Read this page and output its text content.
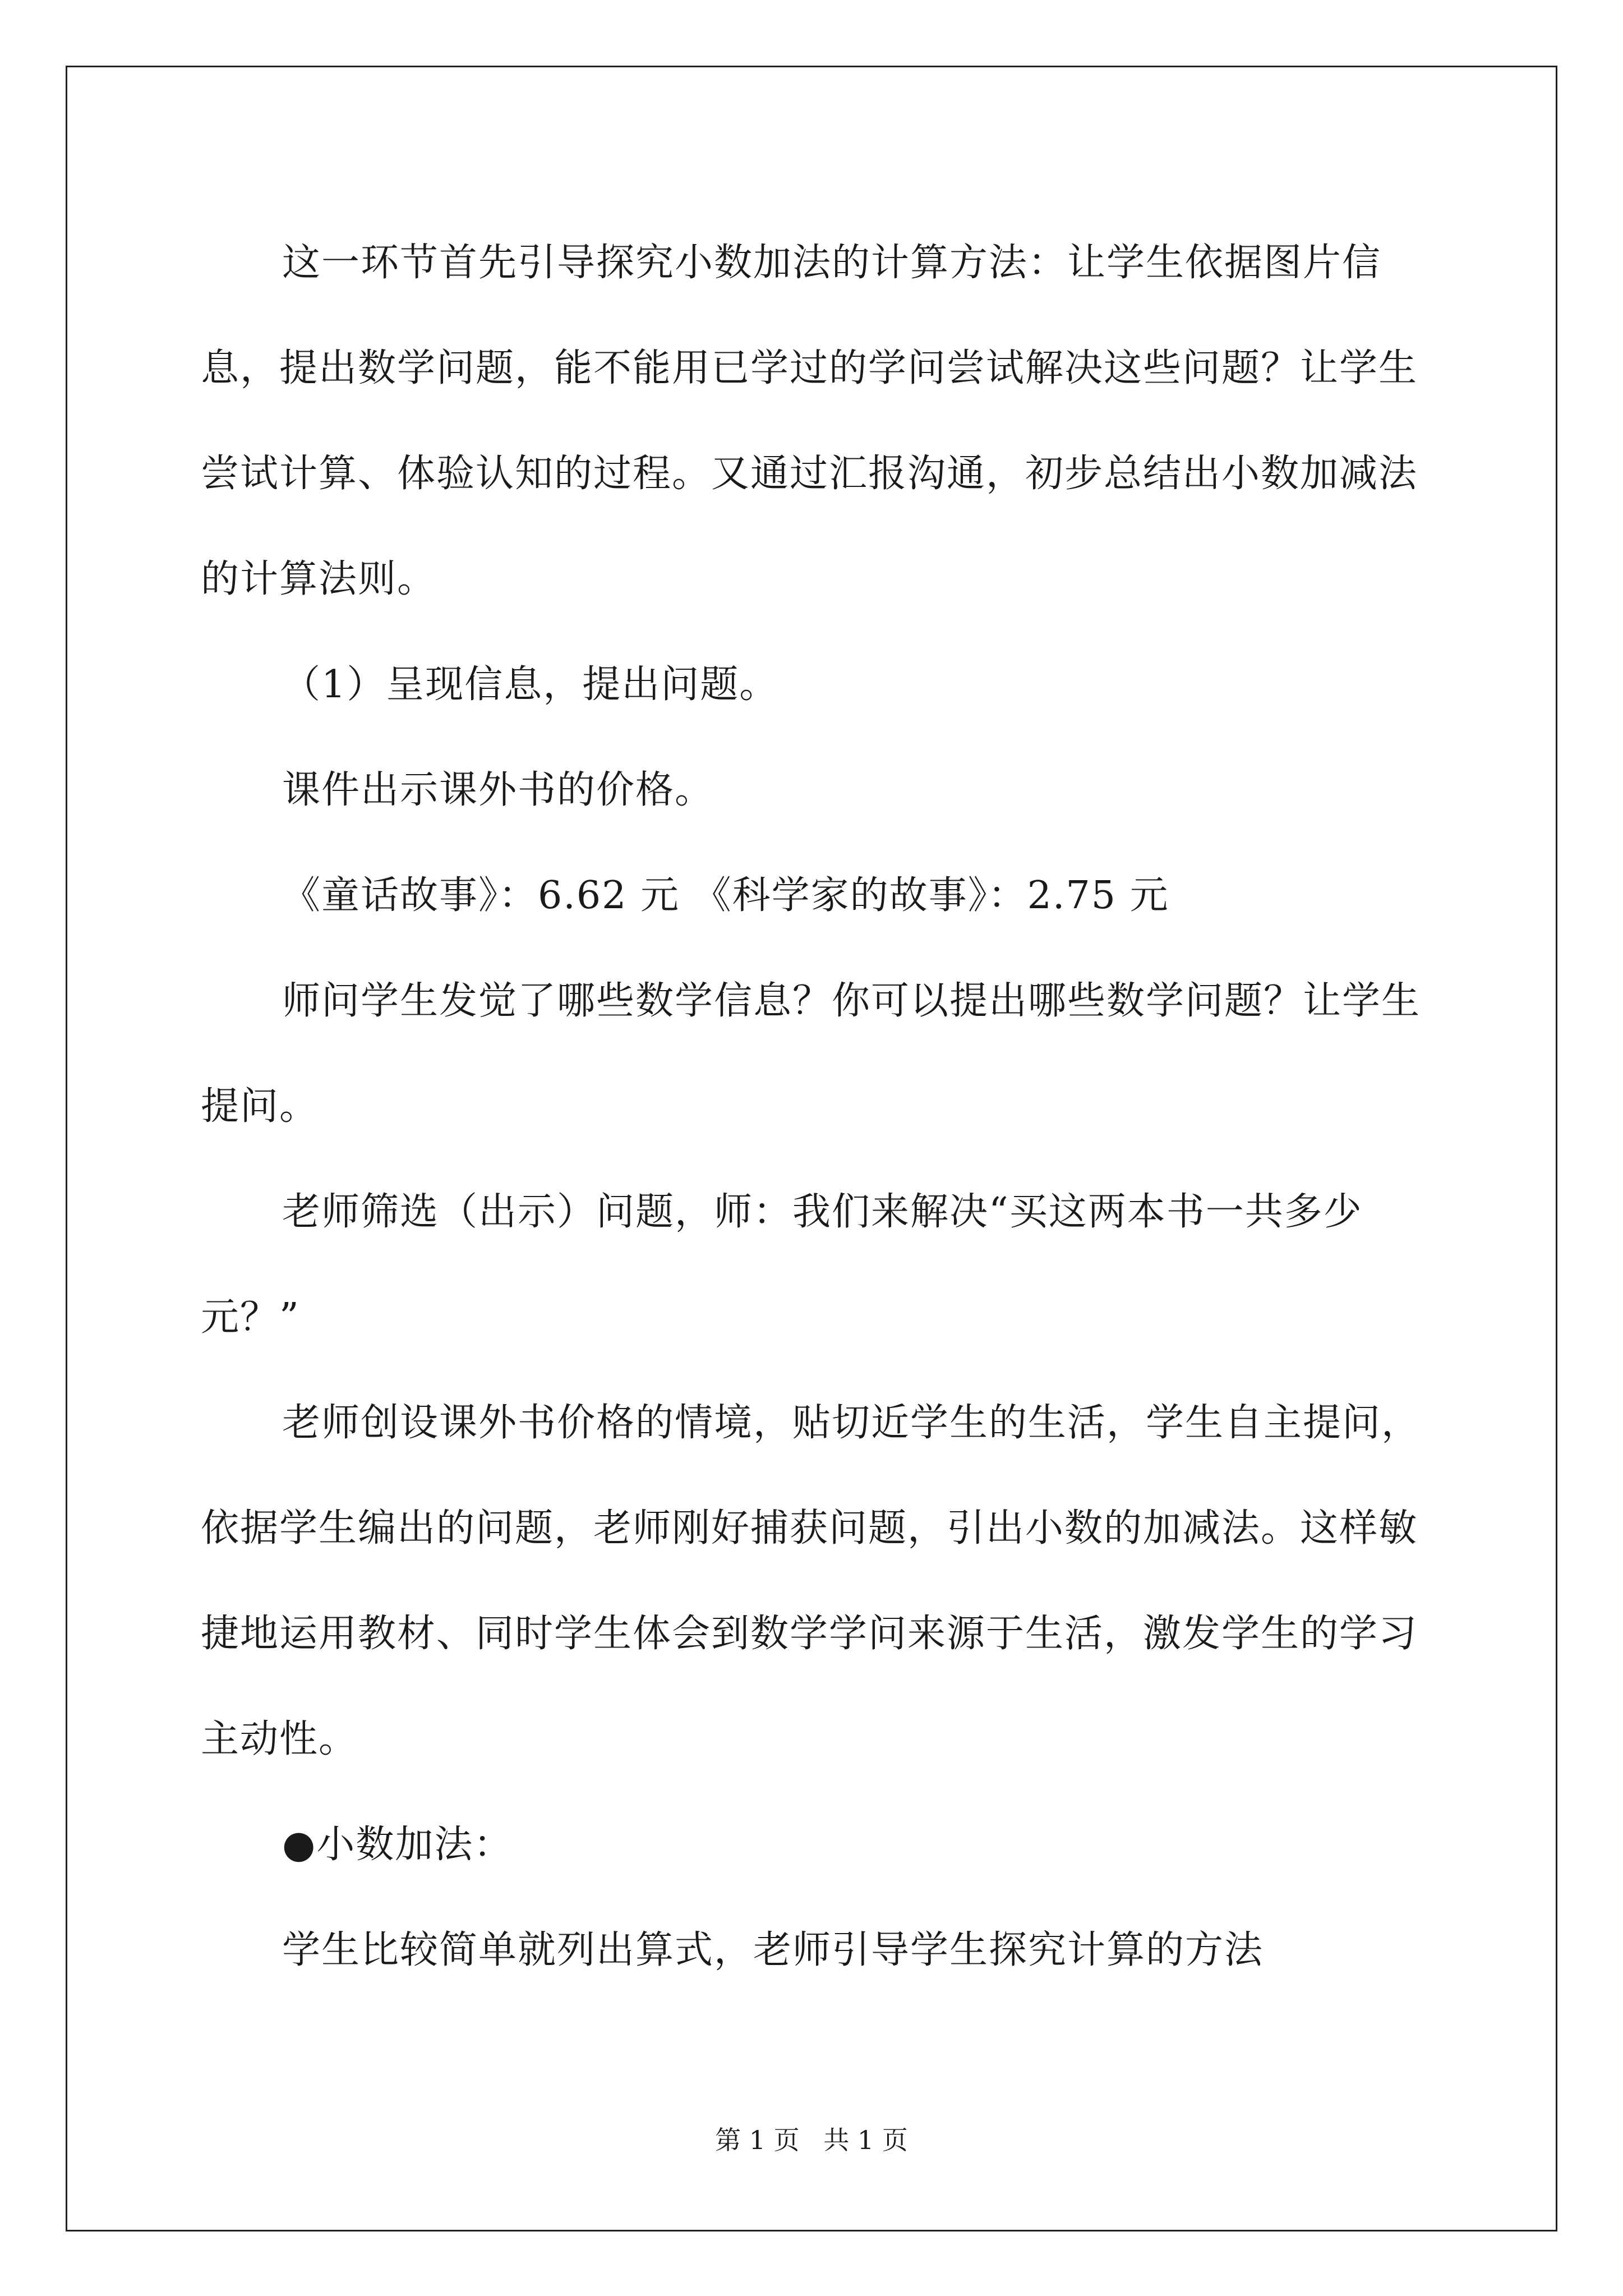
这一环节首先引导探究小数加法的计算方法：让学生依据图片信息，提出数学问题，能不能用已学过的学问尝试解决这些问题？让学生尝试计算、体验认知的过程。又通过汇报沟通，初步总结出小数加减法的计算法则。

（1）呈现信息，提出问题。

课件出示课外书的价格。

《童话故事》：6.62 元 《科学家的故事》：2.75 元

师问学生发觉了哪些数学信息？你可以提出哪些数学问题？让学生提问。

老师筛选（出示）问题，师：我们来解决“买这两本书一共多少元？”

老师创设课外书价格的情境，贴切近学生的生活，学生自主提问，依据学生编出的问题，老师刚好捕获问题，引出小数的加减法。这样敏捷地运用教材、同时学生体会到数学学问来源于生活，激发学生的学习主动性。

●小数加法：

学生比较简单就列出算式，老师引导学生探究计算的方法

第 1 页 共 1 页
